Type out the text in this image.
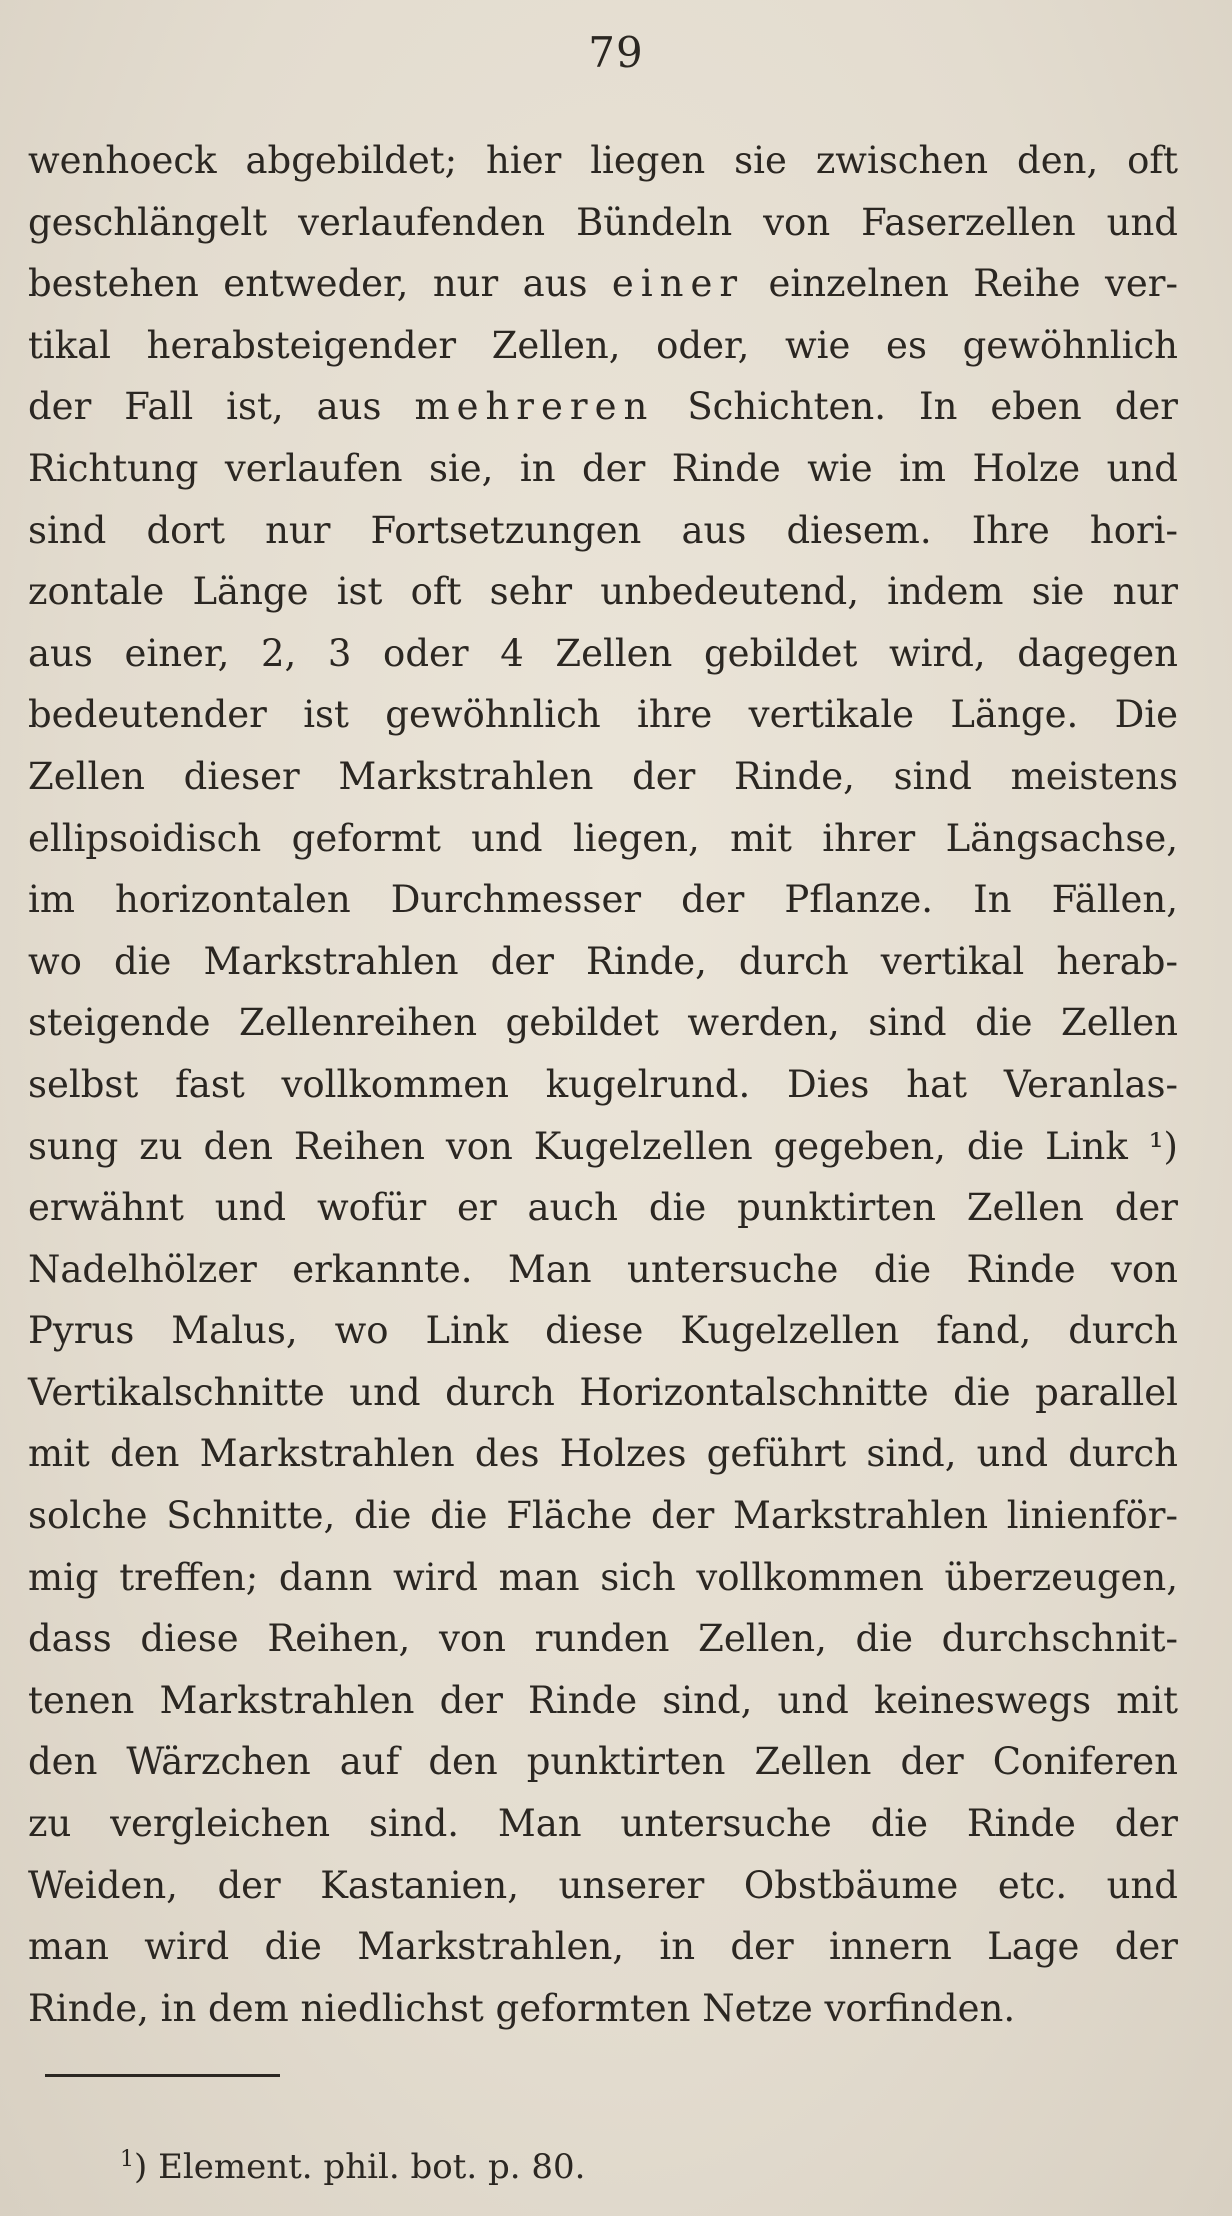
79
wenhoeck abgebildet; hier liegen sie zwischen den, oft
geschlängelt verlaufenden Bündeln von Faserzellen und
bestehen entweder, nur aus einer einzelnen Reihe ver-
tikal herabsteigender Zellen, oder, wie es gewöhnlich
der Fall ist, aus mehreren Schichten. In eben der
Richtung verlaufen sie, in der Rinde wie im Holze und
sind dort nur Fortsetzungen aus diesem. Ihre hori-
zontale Länge ist oft sehr unbedeutend, indem sie nur
aus einer, 2, 3 oder 4 Zellen gebildet wird, dagegen
bedeutender ist gewöhnlich ihre vertikale Länge. Die
Zellen dieser Markstrahlen der Rinde, sind meistens
ellipsoidisch geformt und liegen, mit ihrer Längsachse,
im horizontalen Durchmesser der Pflanze. In Fällen,
wo die Markstrahlen der Rinde, durch vertikal herab-
steigende Zellenreihen gebildet werden, sind die Zellen
selbst fast vollkommen kugelrund. Dies hat Veranlas-
sung zu den Reihen von Kugelzellen gegeben, die Link ¹)
erwähnt und wofür er auch die punktirten Zellen der
Nadelhölzer erkannte. Man untersuche die Rinde von
Pyrus Malus, wo Link diese Kugelzellen fand, durch
Vertikalschnitte und durch Horizontalschnitte die parallel
mit den Markstrahlen des Holzes geführt sind, und durch
solche Schnitte, die die Fläche der Markstrahlen linienför-
mig treffen; dann wird man sich vollkommen überzeugen,
dass diese Reihen, von runden Zellen, die durchschnit-
tenen Markstrahlen der Rinde sind, und keineswegs mit
den Wärzchen auf den punktirten Zellen der Coniferen
zu vergleichen sind. Man untersuche die Rinde der
Weiden, der Kastanien, unserer Obstbäume etc. und
man wird die Markstrahlen, in der innern Lage der
Rinde, in dem niedlichst geformten Netze vorfinden.
$^1$) Element. phil. bot. p. 80.
